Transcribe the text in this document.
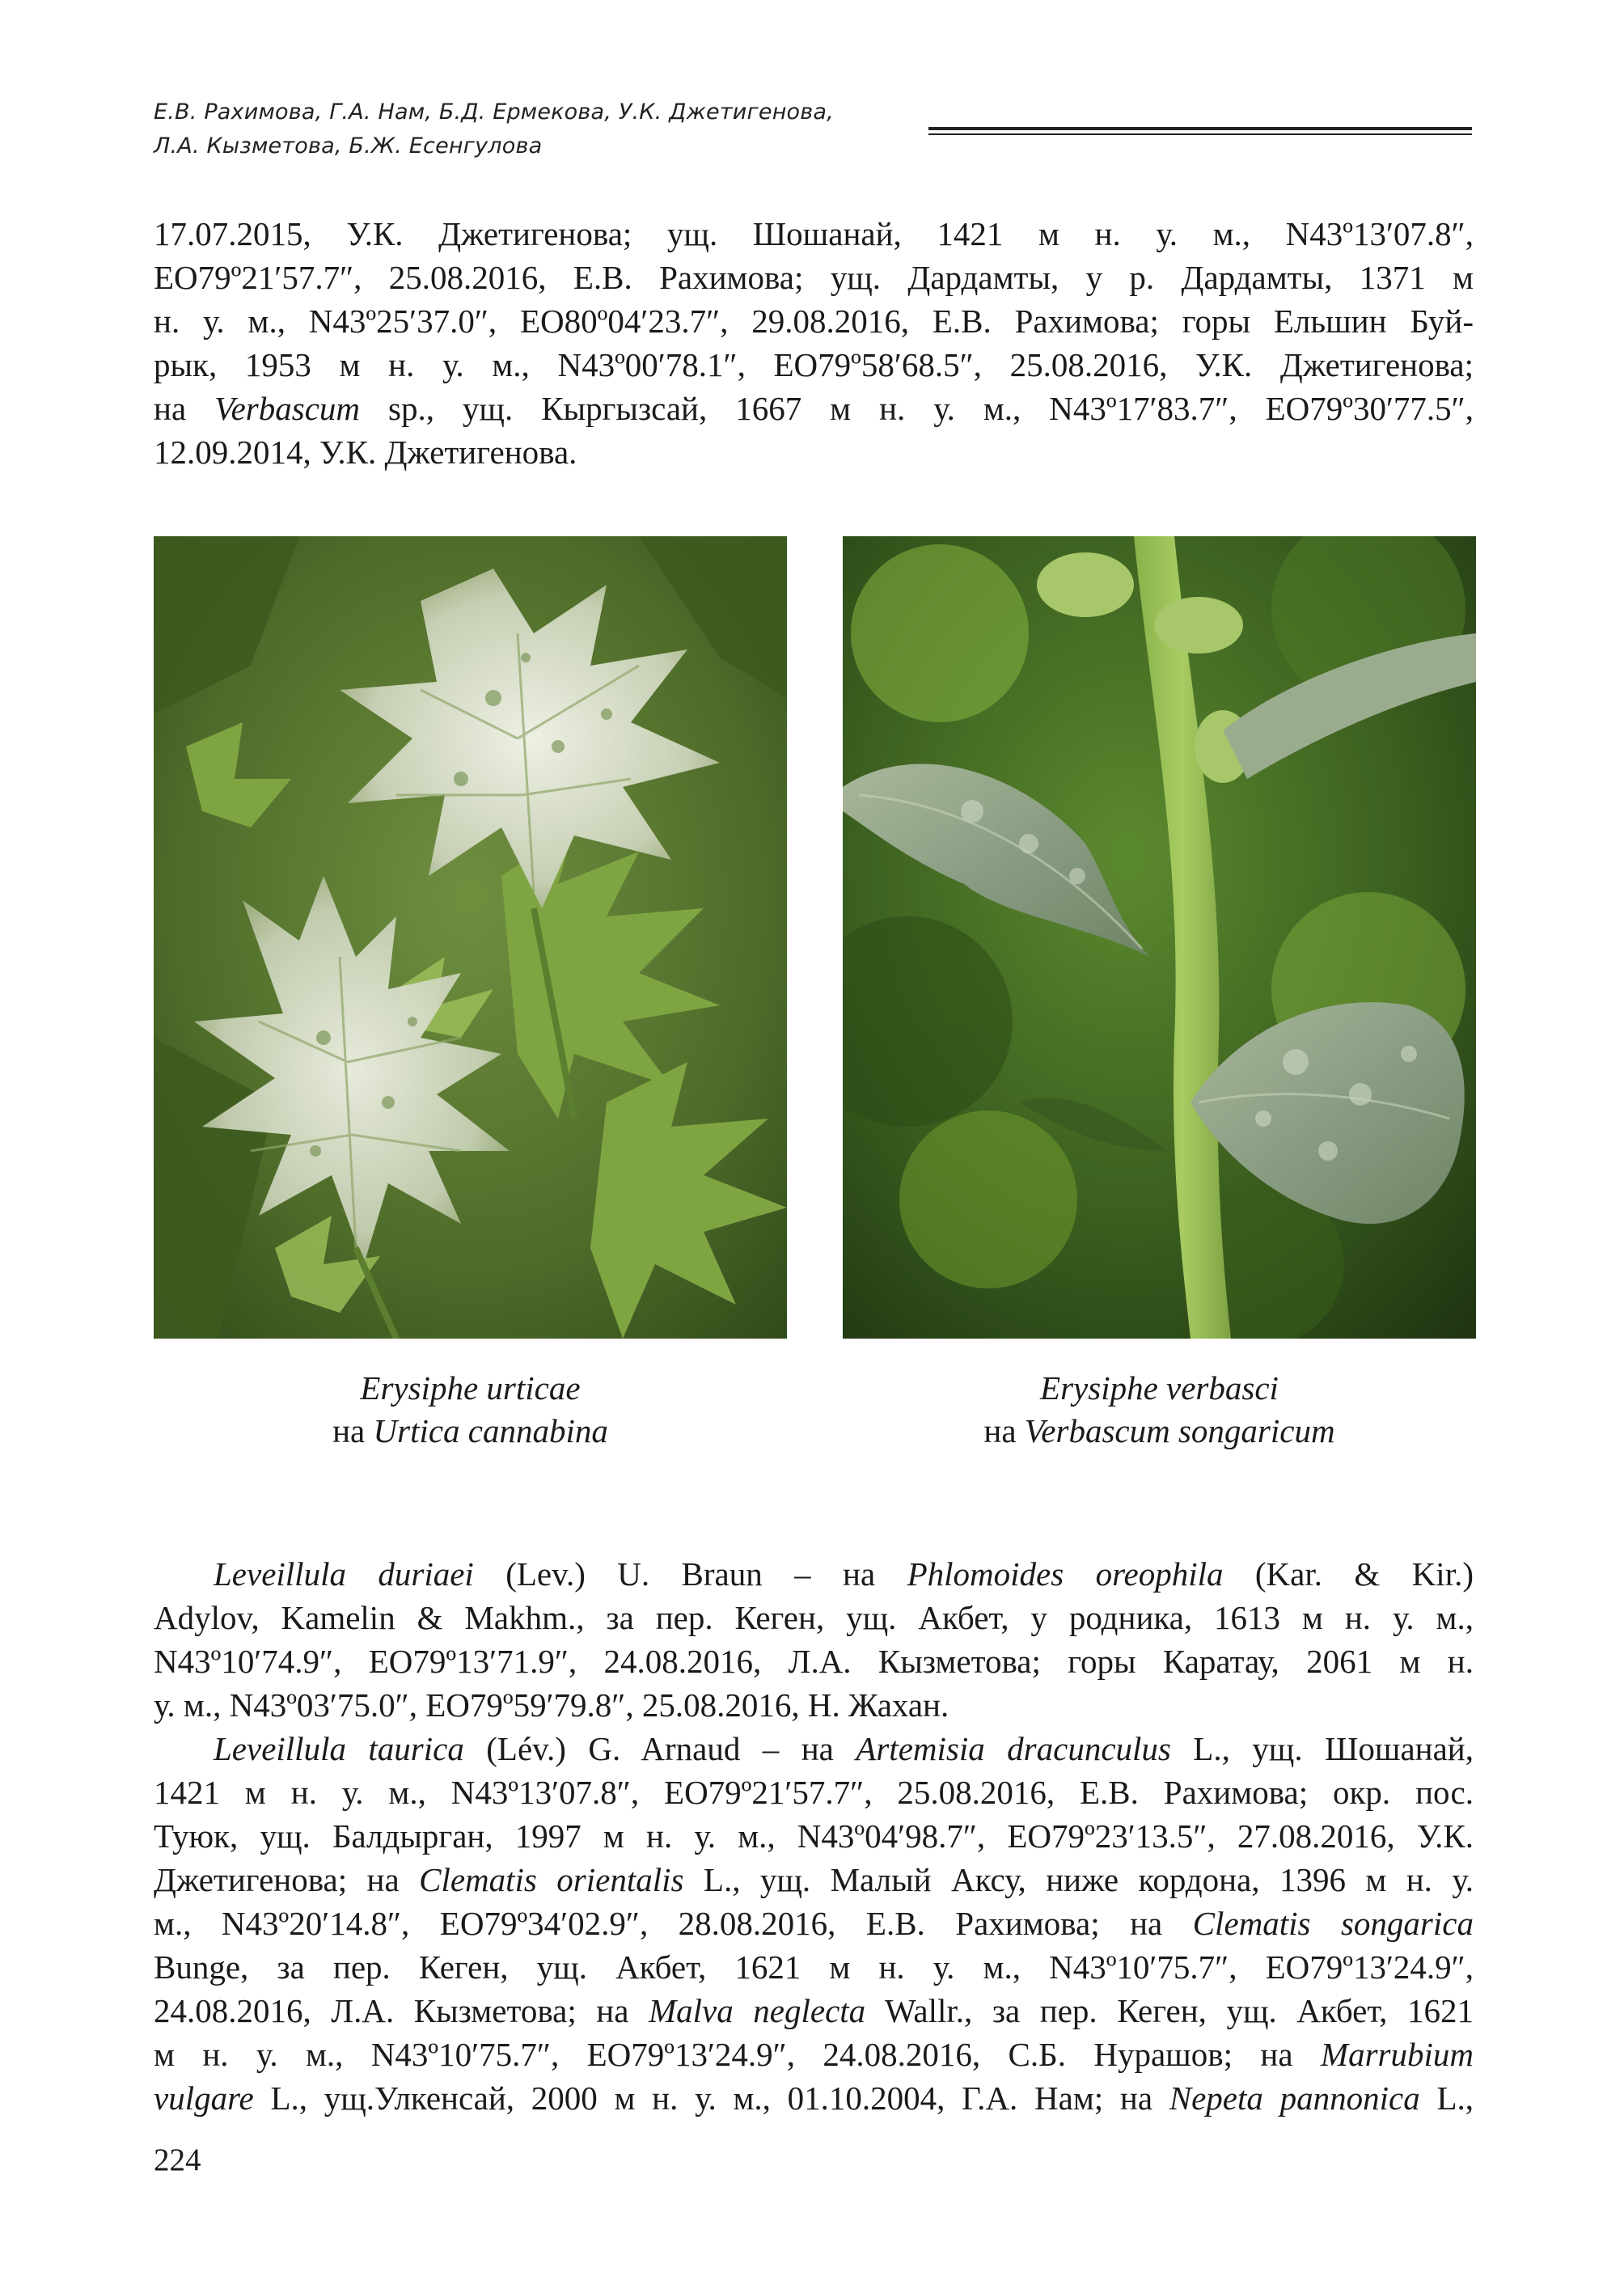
Е.В. Рахимова, Г.А. Нам, Б.Д. Ермекова, У.К. Джетигенова,
Л.А. Кызметова, Б.Ж. Есенгулова

17.07.2015, У.К. Джетигенова; ущ. Шошанай, 1421 м н. у. м., N43º13′07.8″,
ЕО79º21′57.7″, 25.08.2016, Е.В. Рахимова; ущ. Дардамты, у р. Дардамты, 1371 м
н. у. м., N43º25′37.0″, ЕО80º04′23.7″, 29.08.2016, Е.В. Рахимова; горы Ельшин Буй-
рык, 1953 м н. у. м., N43º00′78.1″, ЕО79º58′68.5″, 25.08.2016, У.К. Джетигенова;
на Verbascum sp., ущ. Кыргызсай, 1667 м н. у. м., N43º17′83.7″, ЕО79º30′77.5″,
12.09.2014, У.К. Джетигенова.

Erysiphe urticae
на Urtica cannabina
Erysiphe verbasci
на Verbascum songaricum

Leveillula duriaei (Lev.) U. Braun – на Phlomoides oreophila (Kar. & Kir.)
Adylov, Kamelin & Makhm., за пер. Кеген, ущ. Акбет, у родника, 1613 м н. у. м.,
N43º10′74.9″, ЕО79º13′71.9″, 24.08.2016, Л.А. Кызметова; горы Каратау, 2061 м н.
у. м., N43º03′75.0″, ЕО79º59′79.8″, 25.08.2016, Н. Жахан.

Leveillula taurica (Lév.) G. Arnaud – на Artemisia dracunculus L., ущ. Шошанай,
1421 м н. у. м., N43º13′07.8″, ЕО79º21′57.7″, 25.08.2016, Е.В. Рахимова; окр. пос.
Туюк, ущ. Балдырган, 1997 м н. у. м., N43º04′98.7″, ЕО79º23′13.5″, 27.08.2016, У.К.
Джетигенова; на Clematis orientalis L., ущ. Малый Аксу, ниже кордона, 1396 м н. у.
м., N43º20′14.8″, ЕО79º34′02.9″, 28.08.2016, Е.В. Рахимова; на Clematis songarica
Bunge, за пер. Кеген, ущ. Акбет, 1621 м н. у. м., N43º10′75.7″, ЕО79º13′24.9″,
24.08.2016, Л.А. Кызметова; на Malva neglecta Wallr., за пер. Кеген, ущ. Акбет, 1621
м н. у. м., N43º10′75.7″, ЕО79º13′24.9″, 24.08.2016, С.Б. Нурашов; на Marrubium
vulgare L., ущ.Улкенсай, 2000 м н. у. м., 01.10.2004, Г.А. Нам; на Nepeta pannonica L.,

224
